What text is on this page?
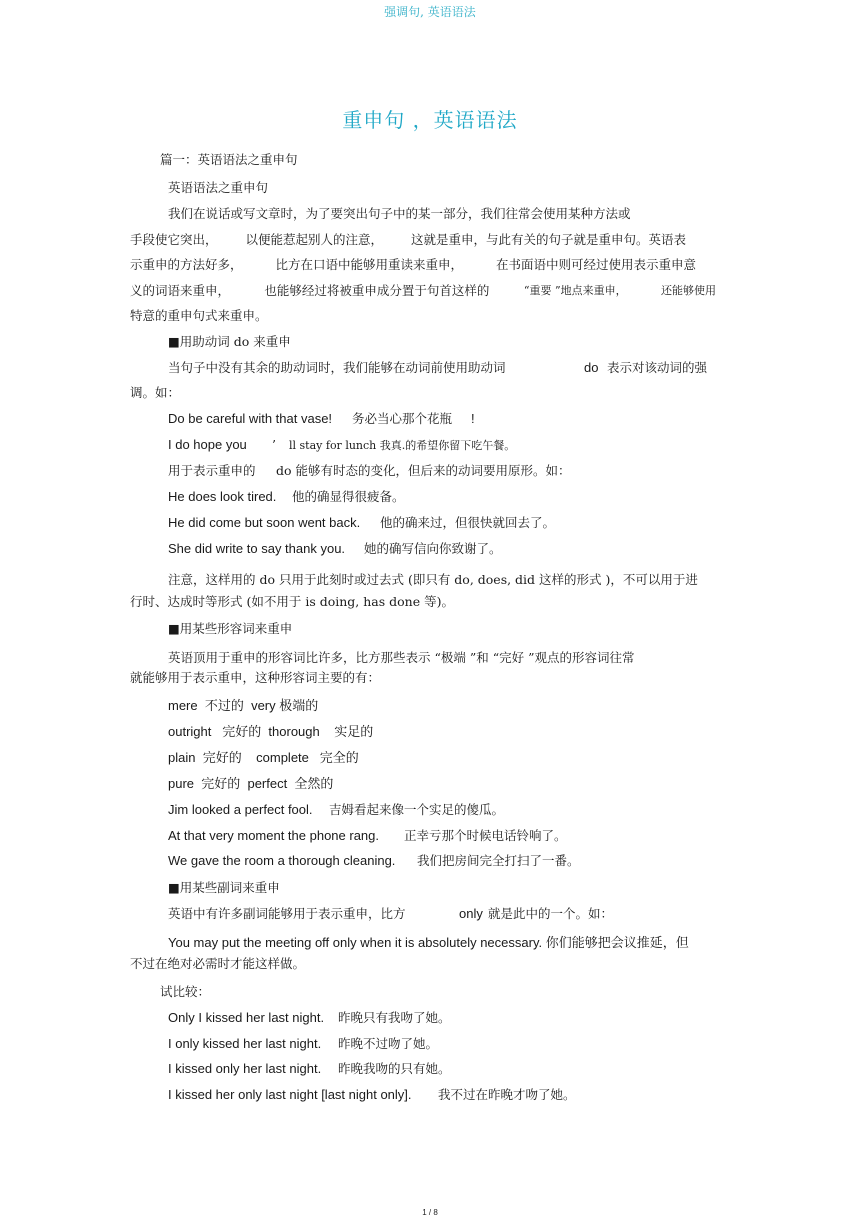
强调句, 英语语法
重申句 ，英语语法
篇一：英语语法之重申句
英语语法之重申句
我们在说话或写文章时，为了要突出句子中的某一部分，我们往常会使用某种方法或
手段使它突出， 以便能惹起别人的注意， 这就是重申，与此有关的句子就是重申句。英语表
示重申的方法好多，	比方在口语中能够用重读来重申，	在书面语中则可经过使用表示重申意
义的词语来重申，	也能够经过将被重申成分置于句首这样的	“重要 ”地点来重申，	还能够使用
特意的重申句式来重申。
■用助动词 do 来重申
当句子中没有其余的助动词时，我们能够在动词前使用助动词	do 表示对该动词的强
调。如：
Do be careful with that vase! 务必当心那个花瓶 !
I do hope you ’ ll stay for lunch 我真.的希望你留下吃午餐。
用于表示重申的 do 能够有时态的变化，但后来的动词要用原形。如：
He does look tired. 他的确显得很疲备。
He did come but soon went back. 他的确来过，但很快就回去了。
She did write to say thank you. 她的确写信向你致谢了。
注意，这样用的 do 只用于此刻时或过去式 (即只有 do, does, did 这样的形式 )，不可以用于进
行时、达成时等形式 (如不用于 is doing, has done 等)。
■用某些形容词来重申
英语顶用于重申的形容词比许多，比方那些表示 “极端 ”和 “完好 ”观点的形容词往常
就能够用于表示重申，这种形容词主要的有：
mere  不过的  very 极端的
outright   完好的  thorough    实足的
plain  完好的    complete   完全的
pure  完好的  perfect  全然的
Jim looked a perfect fool. 吉姆看起来像一个实足的傻瓜。
At that very moment the phone rang. 正幸亏那个时候电话铃响了。
We gave the room a thorough cleaning. 我们把房间完全打扫了一番。
■用某些副词来重申
英语中有许多副词能够用于表示重申，比方	only 就是此中的一个。如：
You may put the meeting off only when it is absolutely necessary. 你们能够把会议推延，但
不过在绝对必需时才能这样做。
试比较：
Only I kissed her last night. 昨晚只有我吻了她。
I only kissed her last night. 昨晚不过吻了她。
I kissed only her last night. 昨晚我吻的只有她。
I kissed her only last night [last night only]. 我不过在昨晚才吻了她。
1 / 8
